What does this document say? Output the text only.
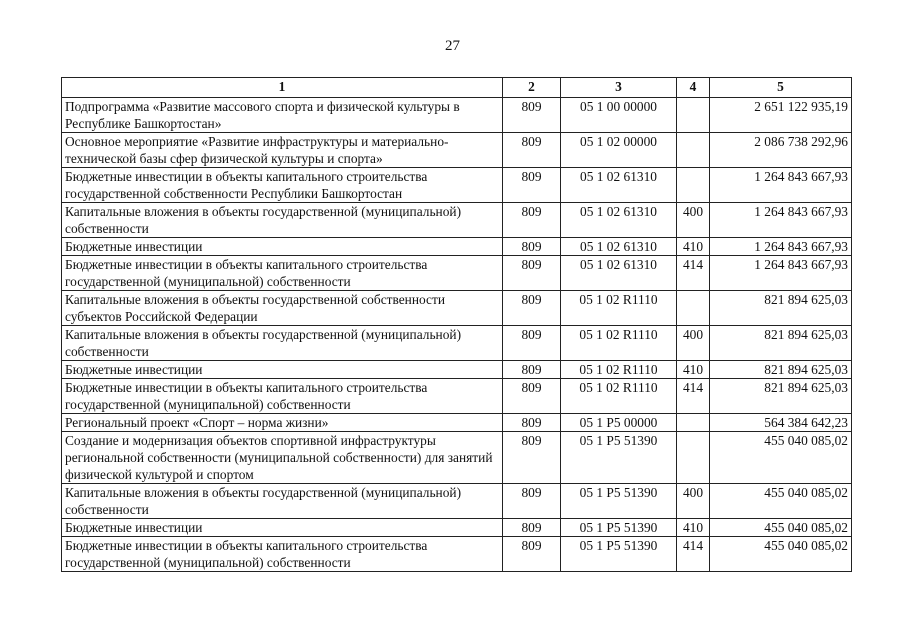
27
1	2	3	4	5
Подпрограмма «Развитие массового спорта и физической культуры в Республике Башкортостан»	809	05 1 00 00000		2 651 122 935,19
Основное мероприятие «Развитие инфраструктуры и материально-технической базы сфер физической культуры и спорта»	809	05 1 02 00000		2 086 738 292,96
Бюджетные инвестиции в объекты капитального строительства государственной собственности Республики Башкортостан	809	05 1 02 61310		1 264 843 667,93
Капитальные вложения в объекты государственной (муниципальной) собственности	809	05 1 02 61310	400	1 264 843 667,93
Бюджетные инвестиции	809	05 1 02 61310	410	1 264 843 667,93
Бюджетные инвестиции в объекты капитального строительства государственной (муниципальной) собственности	809	05 1 02 61310	414	1 264 843 667,93
Капитальные вложения в объекты государственной собственности субъектов Российской Федерации	809	05 1 02 R1110		821 894 625,03
Капитальные вложения в объекты государственной (муниципальной) собственности	809	05 1 02 R1110	400	821 894 625,03
Бюджетные инвестиции	809	05 1 02 R1110	410	821 894 625,03
Бюджетные инвестиции в объекты капитального строительства государственной (муниципальной) собственности	809	05 1 02 R1110	414	821 894 625,03
Региональный проект «Спорт – норма жизни»	809	05 1 P5 00000		564 384 642,23
Создание и модернизация объектов спортивной инфраструктуры региональной собственности (муниципальной собственности) для занятий физической культурой и спортом	809	05 1 P5 51390		455 040 085,02
Капитальные вложения в объекты государственной (муниципальной) собственности	809	05 1 P5 51390	400	455 040 085,02
Бюджетные инвестиции	809	05 1 P5 51390	410	455 040 085,02
Бюджетные инвестиции в объекты капитального строительства государственной (муниципальной) собственности	809	05 1 P5 51390	414	455 040 085,02
